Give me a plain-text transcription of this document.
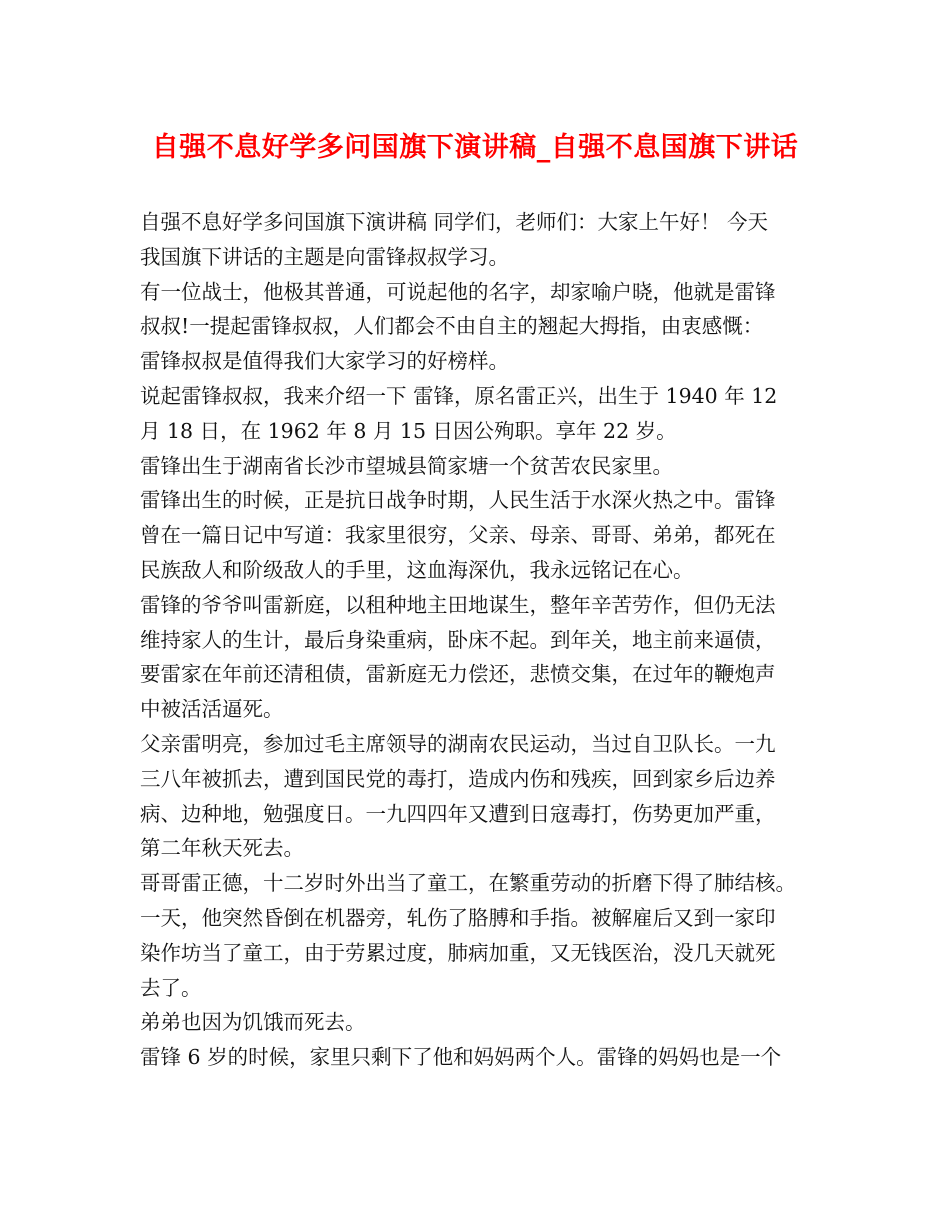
自强不息好学多问国旗下演讲稿_自强不息国旗下讲话
自强不息好学多问国旗下演讲稿 同学们，老师们：大家上午好！ 今天
我国旗下讲话的主题是向雷锋叔叔学习。
有一位战士，他极其普通，可说起他的名字，却家喻户晓，他就是雷锋
叔叔!一提起雷锋叔叔，人们都会不由自主的翘起大拇指，由衷感慨：
雷锋叔叔是值得我们大家学习的好榜样。
说起雷锋叔叔，我来介绍一下 雷锋，原名雷正兴，出生于 1940 年 12
月 18 日，在 1962 年 8 月 15 日因公殉职。享年 22 岁。
雷锋出生于湖南省长沙市望城县简家塘一个贫苦农民家里。
雷锋出生的时候，正是抗日战争时期，人民生活于水深火热之中。雷锋
曾在一篇日记中写道：我家里很穷，父亲、母亲、哥哥、弟弟，都死在
民族敌人和阶级敌人的手里，这血海深仇，我永远铭记在心。
雷锋的爷爷叫雷新庭，以租种地主田地谋生，整年辛苦劳作，但仍无法
维持家人的生计，最后身染重病，卧床不起。到年关，地主前来逼债，
要雷家在年前还清租债，雷新庭无力偿还，悲愤交集，在过年的鞭炮声
中被活活逼死。
父亲雷明亮，参加过毛主席领导的湖南农民运动，当过自卫队长。一九
三八年被抓去，遭到国民党的毒打，造成内伤和残疾，回到家乡后边养
病、边种地，勉强度日。一九四四年又遭到日寇毒打，伤势更加严重，
第二年秋天死去。
哥哥雷正德，十二岁时外出当了童工，在繁重劳动的折磨下得了肺结核。
一天，他突然昏倒在机器旁，轧伤了胳膊和手指。被解雇后又到一家印
染作坊当了童工，由于劳累过度，肺病加重，又无钱医治，没几天就死
去了。
弟弟也因为饥饿而死去。
雷锋 6 岁的时候，家里只剩下了他和妈妈两个人。雷锋的妈妈也是一个
